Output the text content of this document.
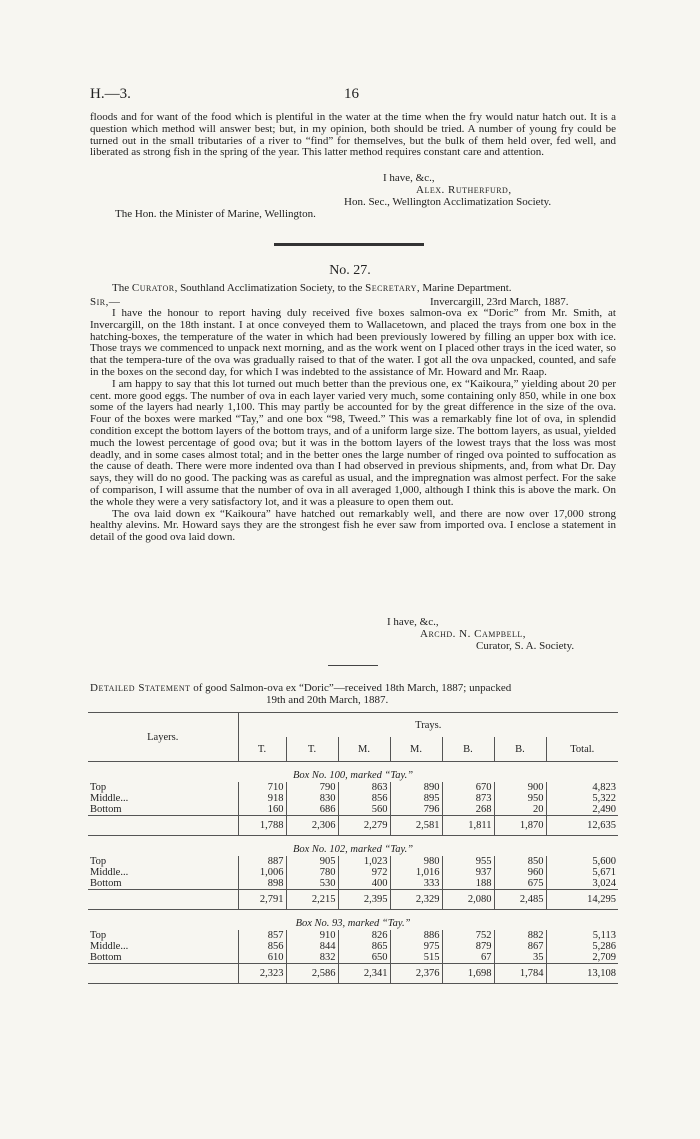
H.—3.	16

floods and for want of the food which is plentiful in the water at the time when the fry would natur hatch out. It is a question which method will answer best; but, in my opinion, both should be tried. A number of young fry could be turned out in the small tributaries of a river to “find” for themselves, but the bulk of them held over, fed well, and liberated as strong fish in the spring of the year. This latter method requires constant care and attention.

I have, &c.,
Alex. Rutherfurd,
Hon. Sec., Wellington Acclimatization Society.
The Hon. the Minister of Marine, Wellington.
No. 27.
The Curator, Southland Acclimatization Society, to the Secretary, Marine Department.
Sir,—	Invercargill, 23rd March, 1887.

I have the honour to report having duly received five boxes salmon-ova ex “Doric” from Mr. Smith, at Invercargill, on the 18th instant. I at once conveyed them to Wallacetown, and placed the trays from one box in the hatching-boxes, the temperature of the water in which had been previously lowered by filling an upper box with ice. Those trays we commenced to unpack next morning, and as the work went on I placed other trays in the iced water, so that the tempera-ture of the ova was gradually raised to that of the water. I got all the ova unpacked, counted, and safe in the boxes on the second day, for which I was indebted to the assistance of Mr. Howard and Mr. Raap.

I am happy to say that this lot turned out much better than the previous one, ex “Kaikoura,” yielding about 20 per cent. more good eggs. The number of ova in each layer varied very much, some containing only 850, while in one box some of the layers had nearly 1,100. This may partly be accounted for by the great difference in the size of the ova. Four of the boxes were marked “Tay,” and one box “98, Tweed.” This was a remarkably fine lot of ova, in splendid condition except the bottom layers of the bottom trays, and of a uniform large size. The bottom layers, as usual, yielded much the lowest percentage of good ova; but it was in the bottom layers of the lowest trays that the loss was most deadly, and in some cases almost total; and in the better ones the large number of ringed ova pointed to suffocation as the cause of death. There were more indented ova than I had observed in previous shipments, and, from what Dr. Day says, they will do no good. The packing was as careful as usual, and the impregnation was almost perfect. For the sake of comparison, I will assume that the number of ova in all averaged 1,000, although I think this is above the mark. On the whole they were a very satisfactory lot, and it was a pleasure to open them out.

The ova laid down ex “Kaikoura” have hatched out remarkably well, and there are now over 17,000 strong healthy alevins. Mr. Howard says they are the strongest fish he ever saw from imported ova. I enclose a statement in detail of the good ova laid down.

I have, &c.,
Archd. N. Campbell,
Curator, S. A. Society.
Detailed Statement of good Salmon-ova ex “Doric”—received 18th March, 1887; unpacked
19th and 20th March, 1887.
Layers.	Trays.						
	T.	T.	M.	M.	B.	B.	Total.
Box No. 100, marked “Tay.”							
Top	710	790	863	890	670	900	4,823
Middle...	918	830	856	895	873	950	5,322
Bottom	160	686	560	796	268	20	2,490
	1,788	2,306	2,279	2,581	1,811	1,870	12,635
Box No. 102, marked “Tay.”							
Top	887	905	1,023	980	955	850	5,600
Middle...	1,006	780	972	1,016	937	960	5,671
Bottom	898	530	400	333	188	675	3,024
	2,791	2,215	2,395	2,329	2,080	2,485	14,295
Box No. 93, marked “Tay.”							
Top	857	910	826	886	752	882	5,113
Middle...	856	844	865	975	879	867	5,286
Bottom	610	832	650	515	67	35	2,709
	2,323	2,586	2,341	2,376	1,698	1,784	13,108
